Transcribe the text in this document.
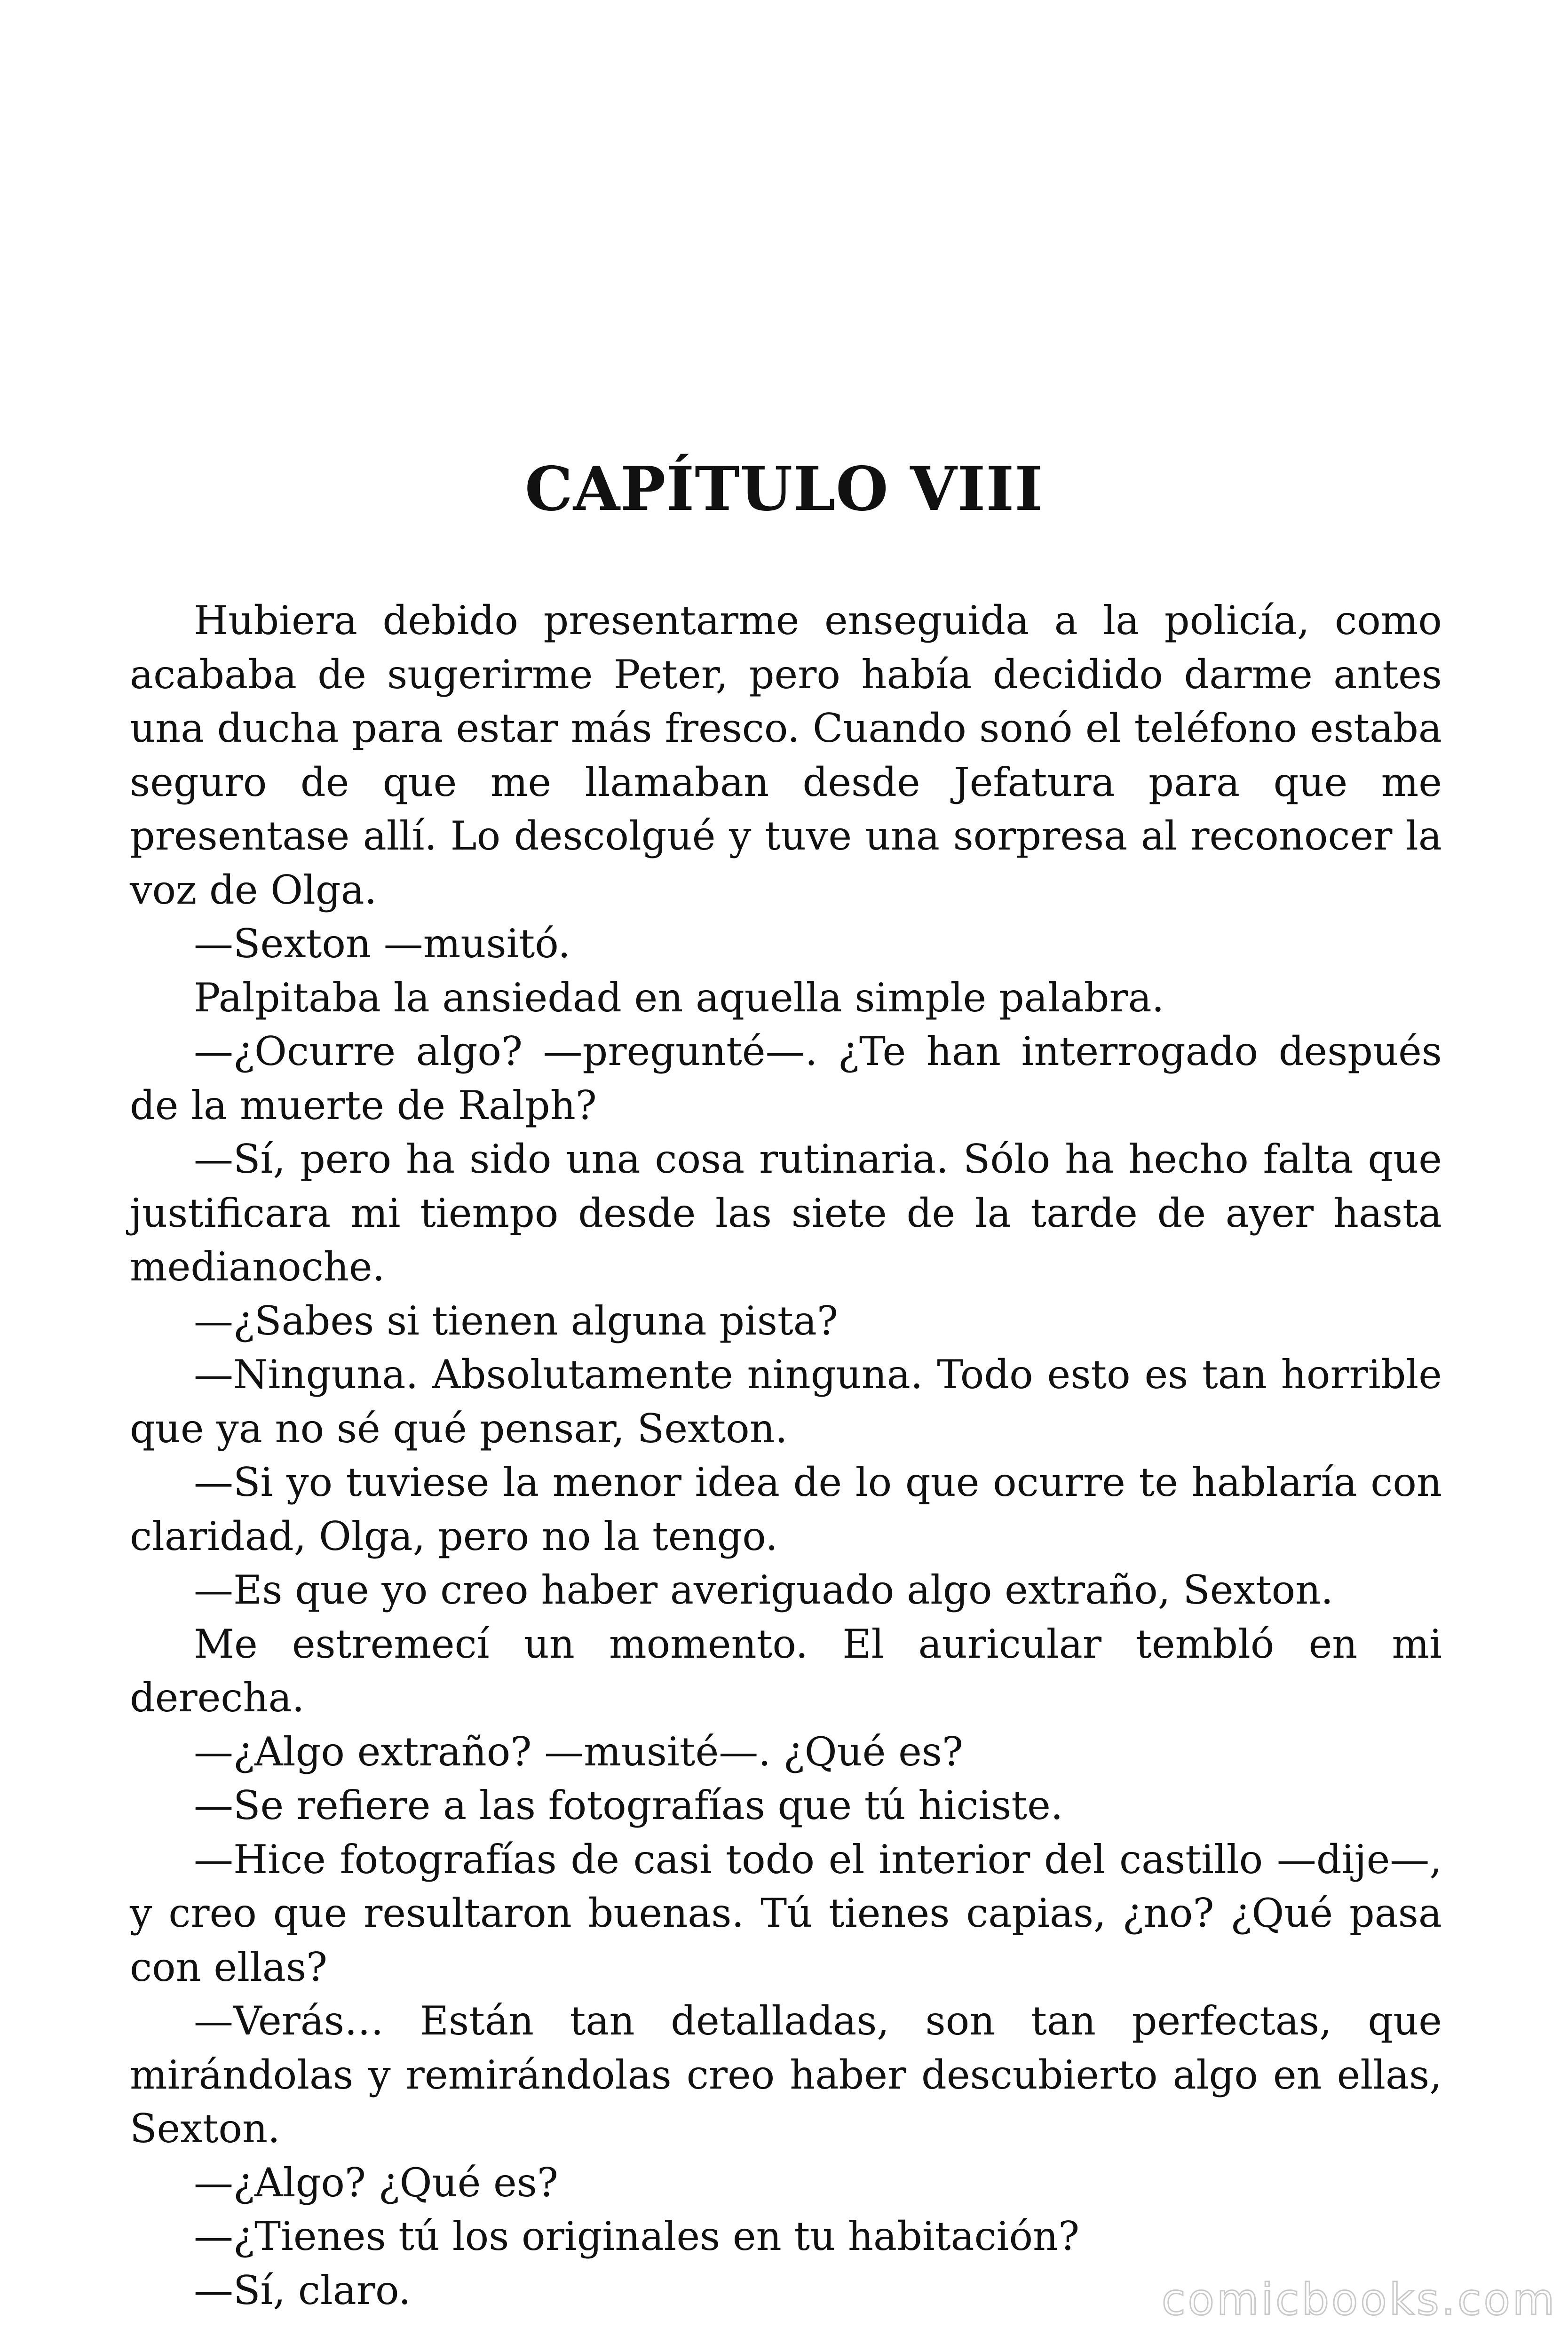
CAPÍTULO VIII

Hubiera debido presentarme enseguida a la policía, como acababa de sugerirme Peter, pero había decidido darme antes una ducha para estar más fresco. Cuando sonó el teléfono estaba seguro de que me llamaban desde Jefatura para que me presentase allí. Lo descolgué y tuve una sorpresa al reconocer la voz de Olga.

—Sexton —musitó.

Palpitaba la ansiedad en aquella simple palabra.

—¿Ocurre algo? —pregunté—. ¿Te han interrogado después de la muerte de Ralph?

—Sí, pero ha sido una cosa rutinaria. Sólo ha hecho falta que justificara mi tiempo desde las siete de la tarde de ayer hasta medianoche.

—¿Sabes si tienen alguna pista?

—Ninguna. Absolutamente ninguna. Todo esto es tan horrible que ya no sé qué pensar, Sexton.

—Si yo tuviese la menor idea de lo que ocurre te hablaría con claridad, Olga, pero no la tengo.

—Es que yo creo haber averiguado algo extraño, Sexton.

Me estremecí un momento. El auricular tembló en mi derecha.

—¿Algo extraño? —musité—. ¿Qué es?

—Se refiere a las fotografías que tú hiciste.

—Hice fotografías de casi todo el interior del castillo —dije—, y creo que resultaron buenas. Tú tienes capias, ¿no? ¿Qué pasa con ellas?

—Verás… Están tan detalladas, son tan perfectas, que mirándolas y remirándolas creo haber descubierto algo en ellas, Sexton.

—¿Algo? ¿Qué es?

—¿Tienes tú los originales en tu habitación?

—Sí, claro.	comicbooks.com
